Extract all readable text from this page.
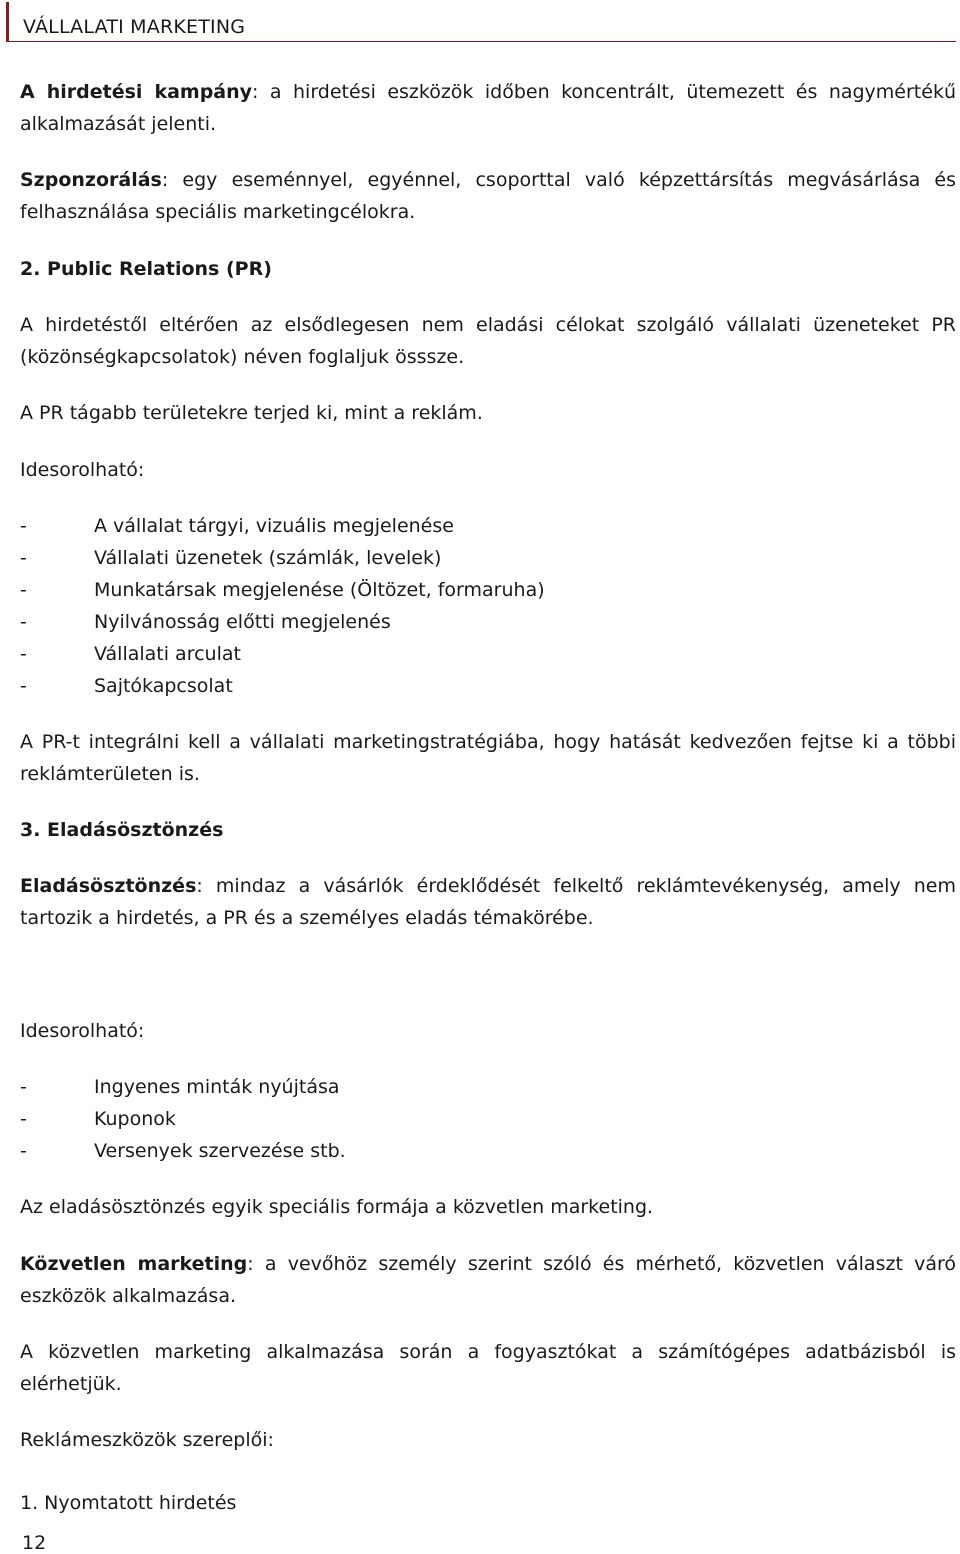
VÁLLALATI MARKETING

A hirdetési kampány: a hirdetési eszközök időben koncentrált, ütemezett és nagymértékű alkalmazását jelenti.

Szponzorálás: egy eseménnyel, egyénnel, csoporttal való képzettársítás megvásárlása és felhasználása speciális marketingcélokra.

2. Public Relations (PR)

A hirdetéstől eltérően az elsődlegesen nem eladási célokat szolgáló vállalati üzeneteket PR (közönségkapcsolatok) néven foglaljuk össsze.

A PR tágabb területekre terjed ki, mint a reklám.

Idesorolható:

-	A vállalat tárgyi, vizuális megjelenése
-	Vállalati üzenetek (számlák, levelek)
-	Munkatársak megjelenése (Öltözet, formaruha)
-	Nyilvánosság előtti megjelenés
-	Vállalati arculat
-	Sajtókapcsolat

A PR-t integrálni kell a vállalati marketingstratégiába, hogy hatását kedvezően fejtse ki a többi reklámterületen is.

3. Eladásösztönzés

Eladásösztönzés: mindaz a vásárlók érdeklődését felkeltő reklámtevékenység, amely nem tartozik a hirdetés, a PR és a személyes eladás témakörébe.

Idesorolható:

-	Ingyenes minták nyújtása
-	Kuponok
-	Versenyek szervezése stb.

Az eladásösztönzés egyik speciális formája a közvetlen marketing.

Közvetlen marketing: a vevőhöz személy szerint szóló és mérhető, közvetlen választ váró eszközök alkalmazása.

A közvetlen marketing alkalmazása során a fogyasztókat a számítógépes adatbázisból is elérhetjük.

Reklámeszközök szereplői:

1. Nyomtatott hirdetés

12
